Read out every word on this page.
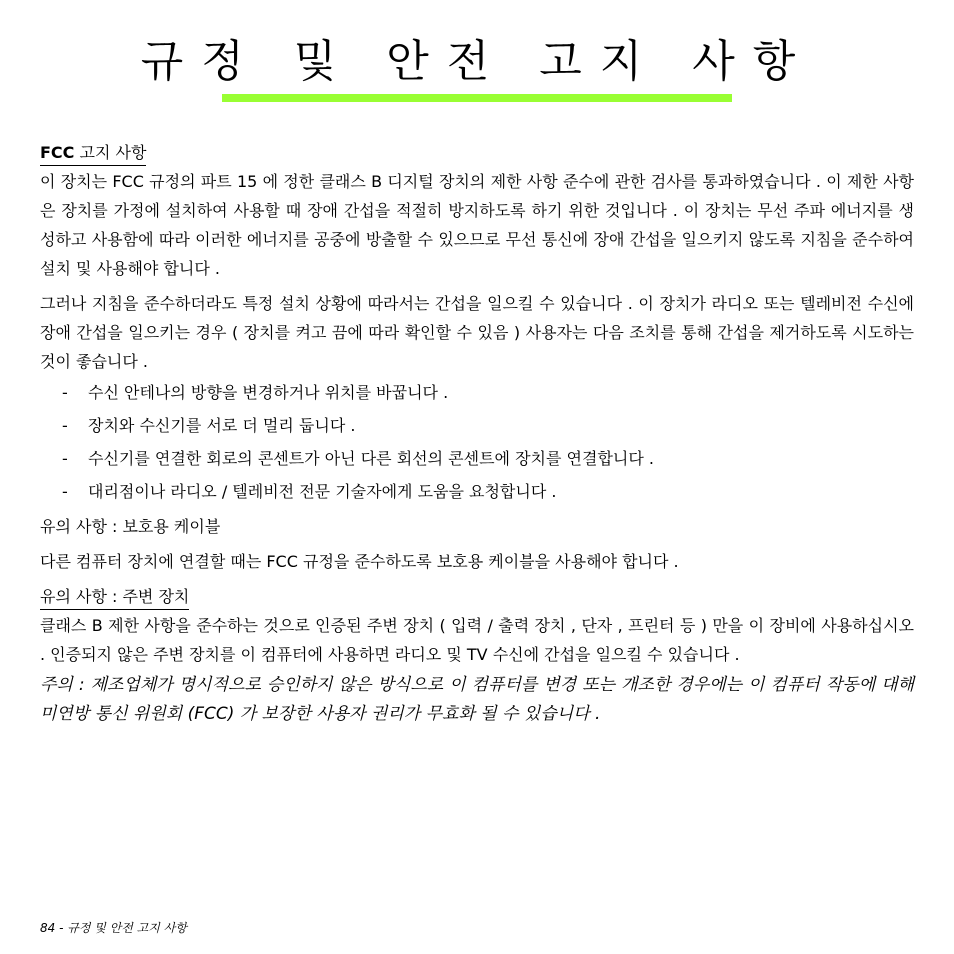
규정 및 안전 고지 사항
FCC 고지 사항

이 장치는 FCC 규정의 파트 15 에 정한 클래스 B 디지털 장치의 제한 사항 준수에 관한 검사를 통과하였습니다 . 이 제한 사항은 장치를 가정에 설치하여 사용할 때 장애 간섭을 적절히 방지하도록 하기 위한 것입니다 . 이 장치는 무선 주파 에너지를 생성하고 사용함에 따라 이러한 에너지를 공중에 방출할 수 있으므로 무선 통신에 장애 간섭을 일으키지 않도록 지침을 준수하여 설치 및 사용해야 합니다 .

그러나 지침을 준수하더라도 특정 설치 상황에 따라서는 간섭을 일으킬 수 있습니다 . 이 장치가 라디오 또는 텔레비전 수신에 장애 간섭을 일으키는 경우 ( 장치를 켜고 끔에 따라 확인할 수 있음 ) 사용자는 다음 조치를 통해 간섭을 제거하도록 시도하는 것이 좋습니다 .

-	수신 안테나의 방향을 변경하거나 위치를 바꿉니다 .
-	장치와 수신기를 서로 더 멀리 둡니다 .
-	수신기를 연결한 회로의 콘센트가 아닌 다른 회선의 콘센트에 장치를 연결합니다 .
-	대리점이나 라디오 / 텔레비전 전문 기술자에게 도움을 요청합니다 .
유의 사항 : 보호용 케이블

다른 컴퓨터 장치에 연결할 때는 FCC 규정을 준수하도록 보호용 케이블을 사용해야 합니다 .

유의 사항 : 주변 장치

클래스 B 제한 사항을 준수하는 것으로 인증된 주변 장치 ( 입력 / 출력 장치 , 단자 , 프린터 등 ) 만을 이 장비에 사용하십시오 . 인증되지 않은 주변 장치를 이 컴퓨터에 사용하면 라디오 및 TV 수신에 간섭을 일으킬 수 있습니다 .

주의 : 제조업체가 명시적으로 승인하지 않은 방식으로 이 컴퓨터를 변경 또는 개조한 경우에는 이 컴퓨터 작동에 대해 미연방 통신 위원회 (FCC) 가 보장한 사용자 권리가 무효화 될 수 있습니다 .

84 - 규정 및 안전 고지 사항
